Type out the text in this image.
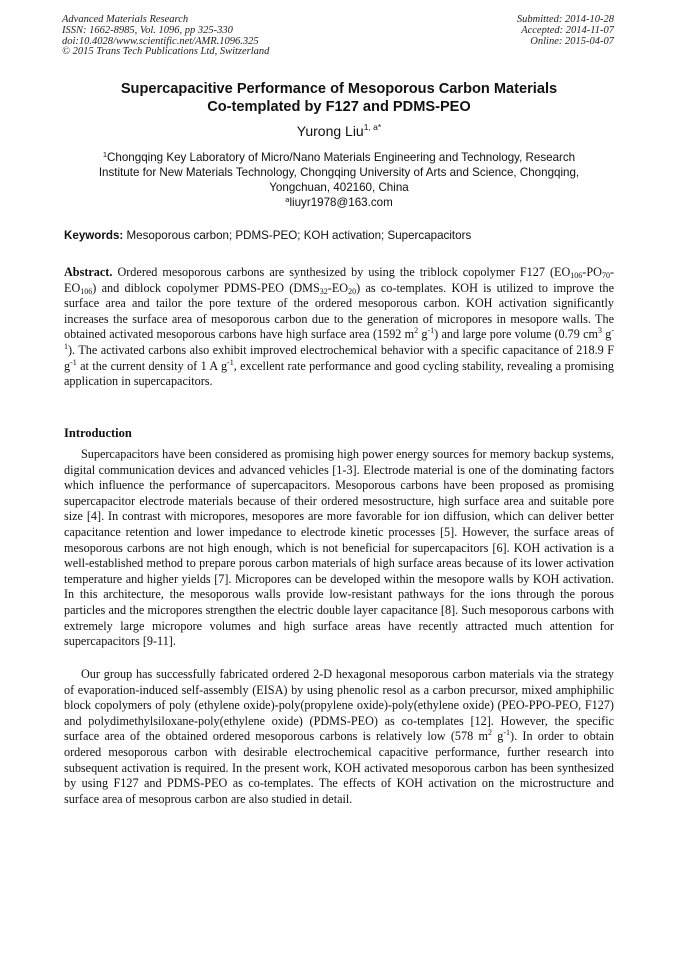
Advanced Materials Research
ISSN: 1662-8985, Vol. 1096, pp 325-330
doi:10.4028/www.scientific.net/AMR.1096.325
© 2015 Trans Tech Publications Ltd, Switzerland
Submitted: 2014-10-28
Accepted: 2014-11-07
Online: 2015-04-07
Supercapacitive Performance of Mesoporous Carbon Materials
Co-templated by F127 and PDMS-PEO
Yurong Liu$^{1, a*}$
$^1$Chongqing Key Laboratory of Micro/Nano Materials Engineering and Technology, Research
Institute for New Materials Technology, Chongqing University of Arts and Science, Chongqing,
Yongchuan, 402160, China
$^a$liuyr1978@163.com
Keywords: Mesoporous carbon; PDMS-PEO; KOH activation; Supercapacitors
Abstract. Ordered mesoporous carbons are synthesized by using the triblock copolymer F127 $(EO_{106}-PO_{70}-EO_{106})$ and diblock copolymer PDMS-PEO $(DMS_{32}-EO_{20})$ as co-templates. KOH is utilized to improve the surface area and tailor the pore texture of the ordered mesoporous carbon. KOH activation significantly increases the surface area of mesoporous carbon due to the generation of micropores in mesopore walls. The obtained activated mesoporous carbons have high surface area (1592 $m^2$ $g^{-1}$) and large pore volume (0.79 $cm^3$ $g^{-1}$). The activated carbons also exhibit improved electrochemical behavior with a specific capacitance of 218.9 F $g^{-1}$ at the current density of 1 A $g^{-1}$, excellent rate performance and good cycling stability, revealing a promising application in supercapacitors.
Introduction
Supercapacitors have been considered as promising high power energy sources for memory backup systems, digital communication devices and advanced vehicles [1-3]. Electrode material is one of the dominating factors which influence the performance of supercapacitors. Mesoporous carbons have been proposed as promising supercapacitor electrode materials because of their ordered mesostructure, high surface area and suitable pore size [4]. In contrast with micropores, mesopores are more favorable for ion diffusion, which can deliver better capacitance retention and lower impedance to electrode kinetic processes [5]. However, the surface areas of mesoporous carbons are not high enough, which is not beneficial for supercapacitors [6]. KOH activation is a well-established method to prepare porous carbon materials of high surface areas because of its lower activation temperature and higher yields [7]. Micropores can be developed within the mesopore walls by KOH activation. In this architecture, the mesoporous walls provide low-resistant pathways for the ions through the porous particles and the micropores strengthen the electric double layer capacitance [8]. Such mesoporous carbons with extremely large micropore volumes and high surface areas have recently attracted much attention for supercapacitors [9-11].
Our group has successfully fabricated ordered 2-D hexagonal mesoporous carbon materials via the strategy of evaporation-induced self-assembly (EISA) by using phenolic resol as a carbon precursor, mixed amphiphilic block copolymers of poly (ethylene oxide)-poly(propylene oxide)-poly(ethylene oxide) (PEO-PPO-PEO, F127) and polydimethylsiloxane-poly(ethylene oxide) (PDMS-PEO) as co-templates [12]. However, the specific surface area of the obtained ordered mesoporous carbons is relatively low (578 $m^2$ $g^{-1}$). In order to obtain ordered mesoporous carbon with desirable electrochemical capacitive performance, further research into subsequent activation is required. In the present work, KOH activated mesoporous carbon has been synthesized by using F127 and PDMS-PEO as co-templates. The effects of KOH activation on the microstructure and surface area of mesoprous carbon are also studied in detail.
